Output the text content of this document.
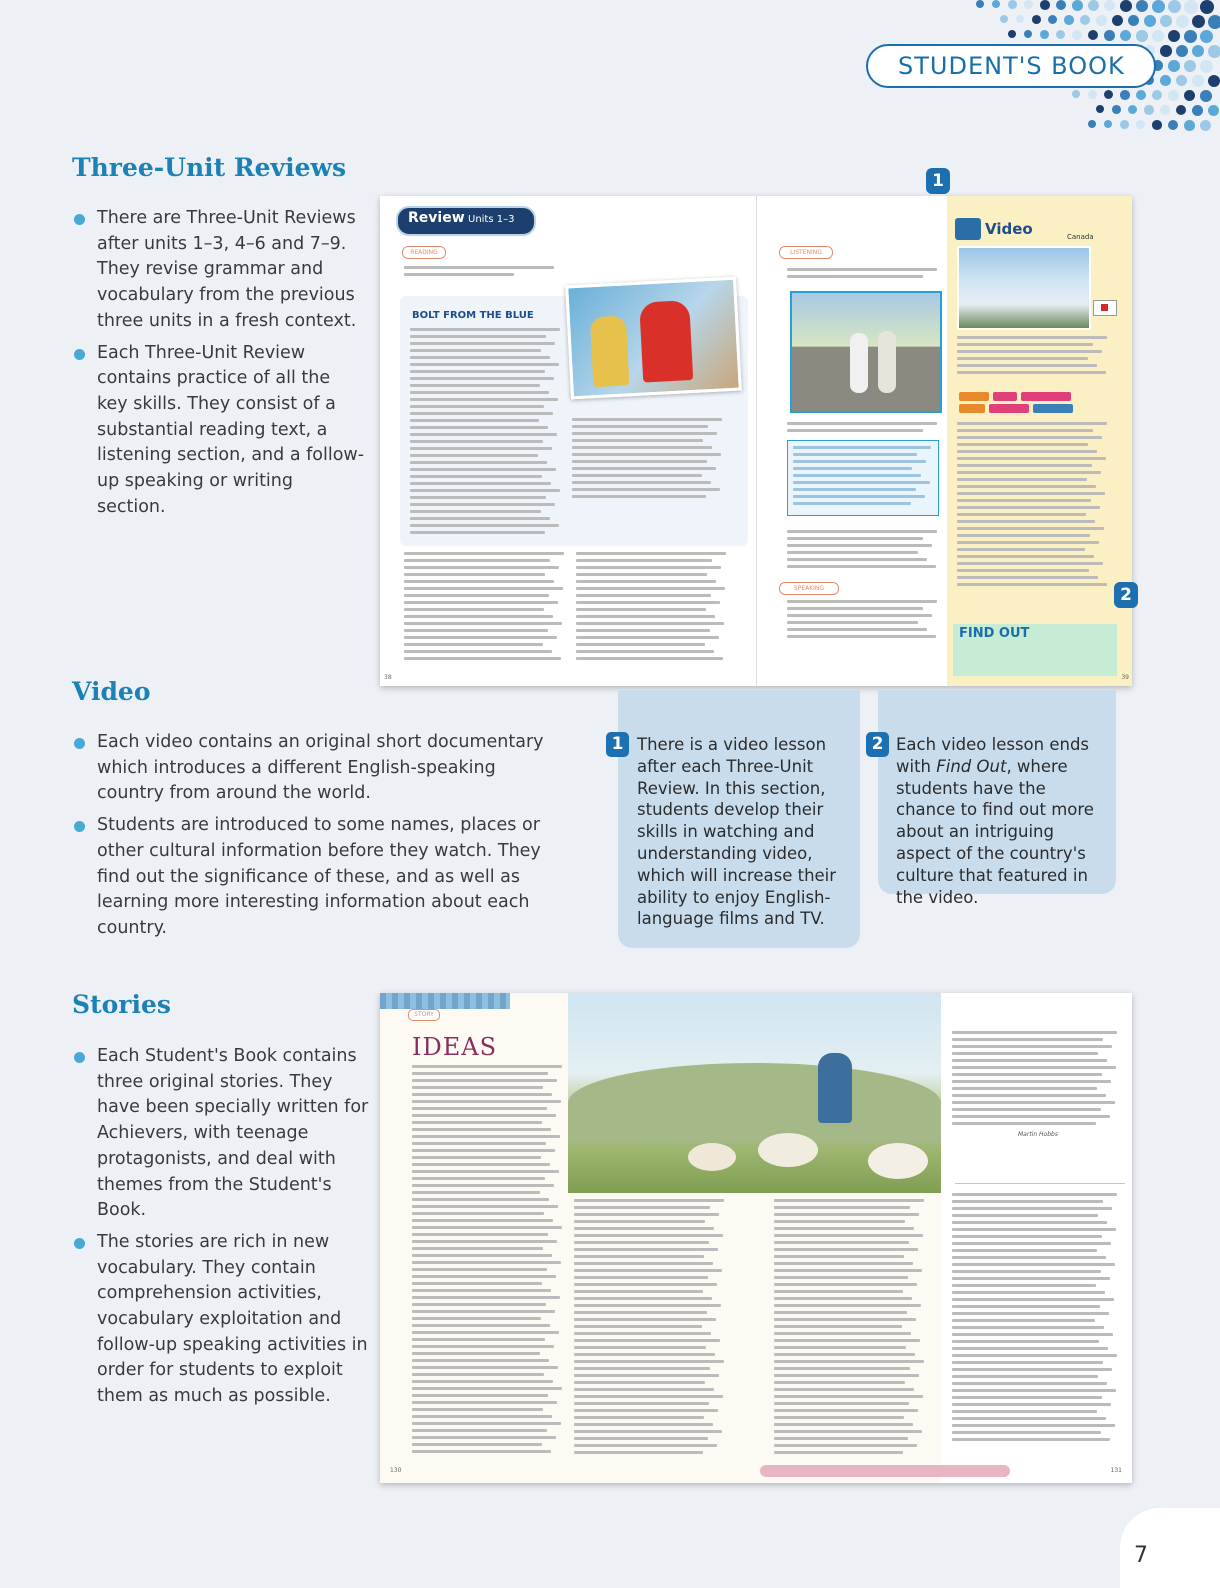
STUDENT'S BOOK
Three-Unit Reviews
There are Three-Unit Reviews after units 1–3, 4–6 and 7–9. They revise grammar and vocabulary from the previous three units in a fresh context.
Each Three-Unit Review contains practice of all the key skills. They consist of a substantial reading text, a listening section, and a follow-up speaking or writing section.
Review Units 1–3
READING
BOLT FROM THE BLUE
38
LISTENING
SPEAKING
Video	Canada
FIND OUT
39
1
2
Video
Each video contains an original short documentary which introduces a different English-speaking country from around the world.
Students are introduced to some names, places or other cultural information before they watch. They find out the significance of these, and as well as learning more interesting information about each country.
1 There is a video lesson after each Three-Unit Review. In this section, students develop their skills in watching and understanding video, which will increase their ability to enjoy English-language films and TV.
2 Each video lesson ends with Find Out, where students have the chance to find out more about an intriguing aspect of the country's culture that featured in the video.
Stories
Each Student's Book contains three original stories. They have been specially written for Achievers, with teenage protagonists, and deal with themes from the Student's Book.
The stories are rich in new vocabulary. They contain comprehension activities, vocabulary exploitation and follow-up speaking activities in order for students to exploit them as much as possible.
STORY
IDEAS
Martin Hobbs
130	131
7
